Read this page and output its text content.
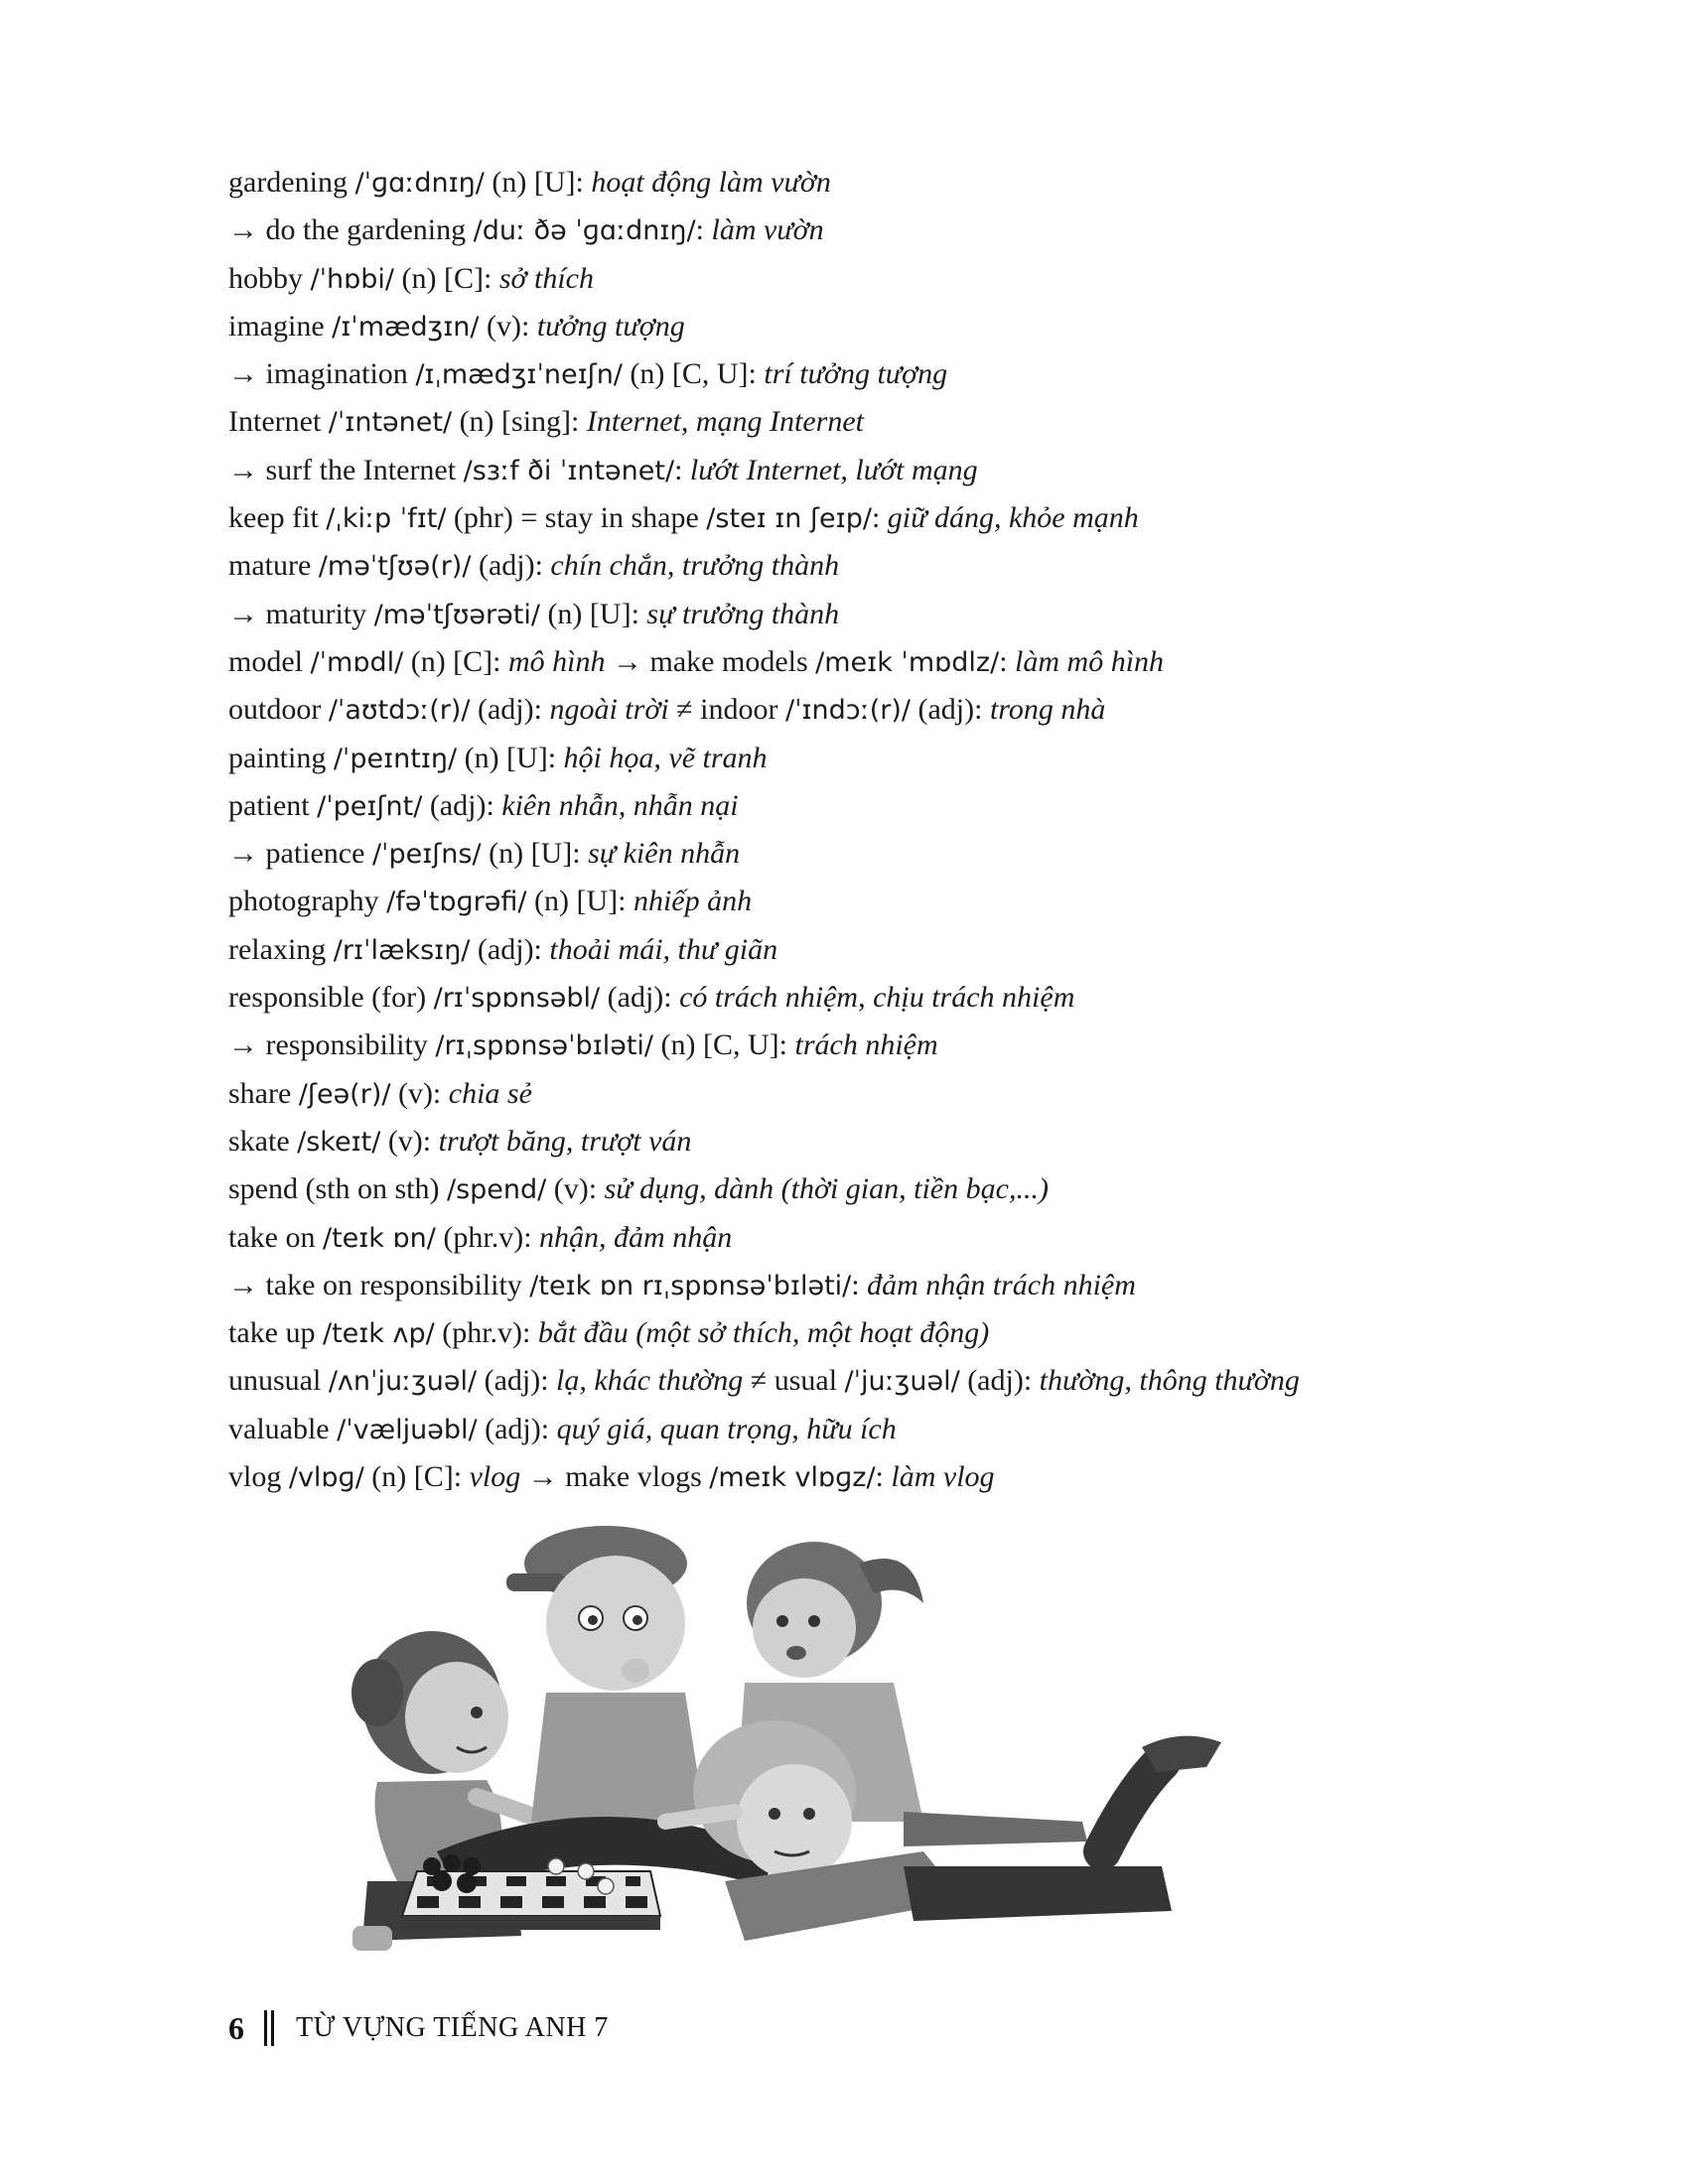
gardening /ˈɡɑːdnɪŋ/ (n) [U]: hoạt động làm vườn
→ do the gardening /duː ðə ˈɡɑːdnɪŋ/: làm vườn
hobby /ˈhɒbi/ (n) [C]: sở thích
imagine /ɪˈmædʒɪn/ (v): tưởng tượng
→ imagination /ɪˌmædʒɪˈneɪʃn/ (n) [C, U]: trí tưởng tượng
Internet /ˈɪntənet/ (n) [sing]: Internet, mạng Internet
→ surf the Internet /sɜːf ði ˈɪntənet/: lướt Internet, lướt mạng
keep fit /ˌkiːp ˈfɪt/ (phr) = stay in shape /steɪ ɪn ʃeɪp/: giữ dáng, khỏe mạnh
mature /məˈtʃʊə(r)/ (adj): chín chắn, trưởng thành
→ maturity /məˈtʃʊərəti/ (n) [U]: sự trưởng thành
model /ˈmɒdl/ (n) [C]: mô hình → make models /meɪk ˈmɒdlz/: làm mô hình
outdoor /ˈaʊtdɔː(r)/ (adj): ngoài trời ≠ indoor /ˈɪndɔː(r)/ (adj): trong nhà
painting /ˈpeɪntɪŋ/ (n) [U]: hội họa, vẽ tranh
patient /ˈpeɪʃnt/ (adj): kiên nhẫn, nhẫn nại
→ patience /ˈpeɪʃns/ (n) [U]: sự kiên nhẫn
photography /fəˈtɒɡrəfi/ (n) [U]: nhiếp ảnh
relaxing /rɪˈlæksɪŋ/ (adj): thoải mái, thư giãn
responsible (for) /rɪˈspɒnsəbl/ (adj): có trách nhiệm, chịu trách nhiệm
→ responsibility /rɪˌspɒnsəˈbɪləti/ (n) [C, U]: trách nhiệm
share /ʃeə(r)/ (v): chia sẻ
skate /skeɪt/ (v): trượt băng, trượt ván
spend (sth on sth) /spend/ (v): sử dụng, dành (thời gian, tiền bạc,...)
take on /teɪk ɒn/ (phr.v): nhận, đảm nhận
→ take on responsibility /teɪk ɒn rɪˌspɒnsəˈbɪləti/: đảm nhận trách nhiệm
take up /teɪk ʌp/ (phr.v): bắt đầu (một sở thích, một hoạt động)
unusual /ʌnˈjuːʒuəl/ (adj): lạ, khác thường ≠ usual /ˈjuːʒuəl/ (adj): thường, thông thường
valuable /ˈvæljuəbl/ (adj): quý giá, quan trọng, hữu ích
vlog /vlɒɡ/ (n) [C]: vlog → make vlogs /meɪk vlɒɡz/: làm vlog
6 TỪ VỰNG TIẾNG ANH 7
